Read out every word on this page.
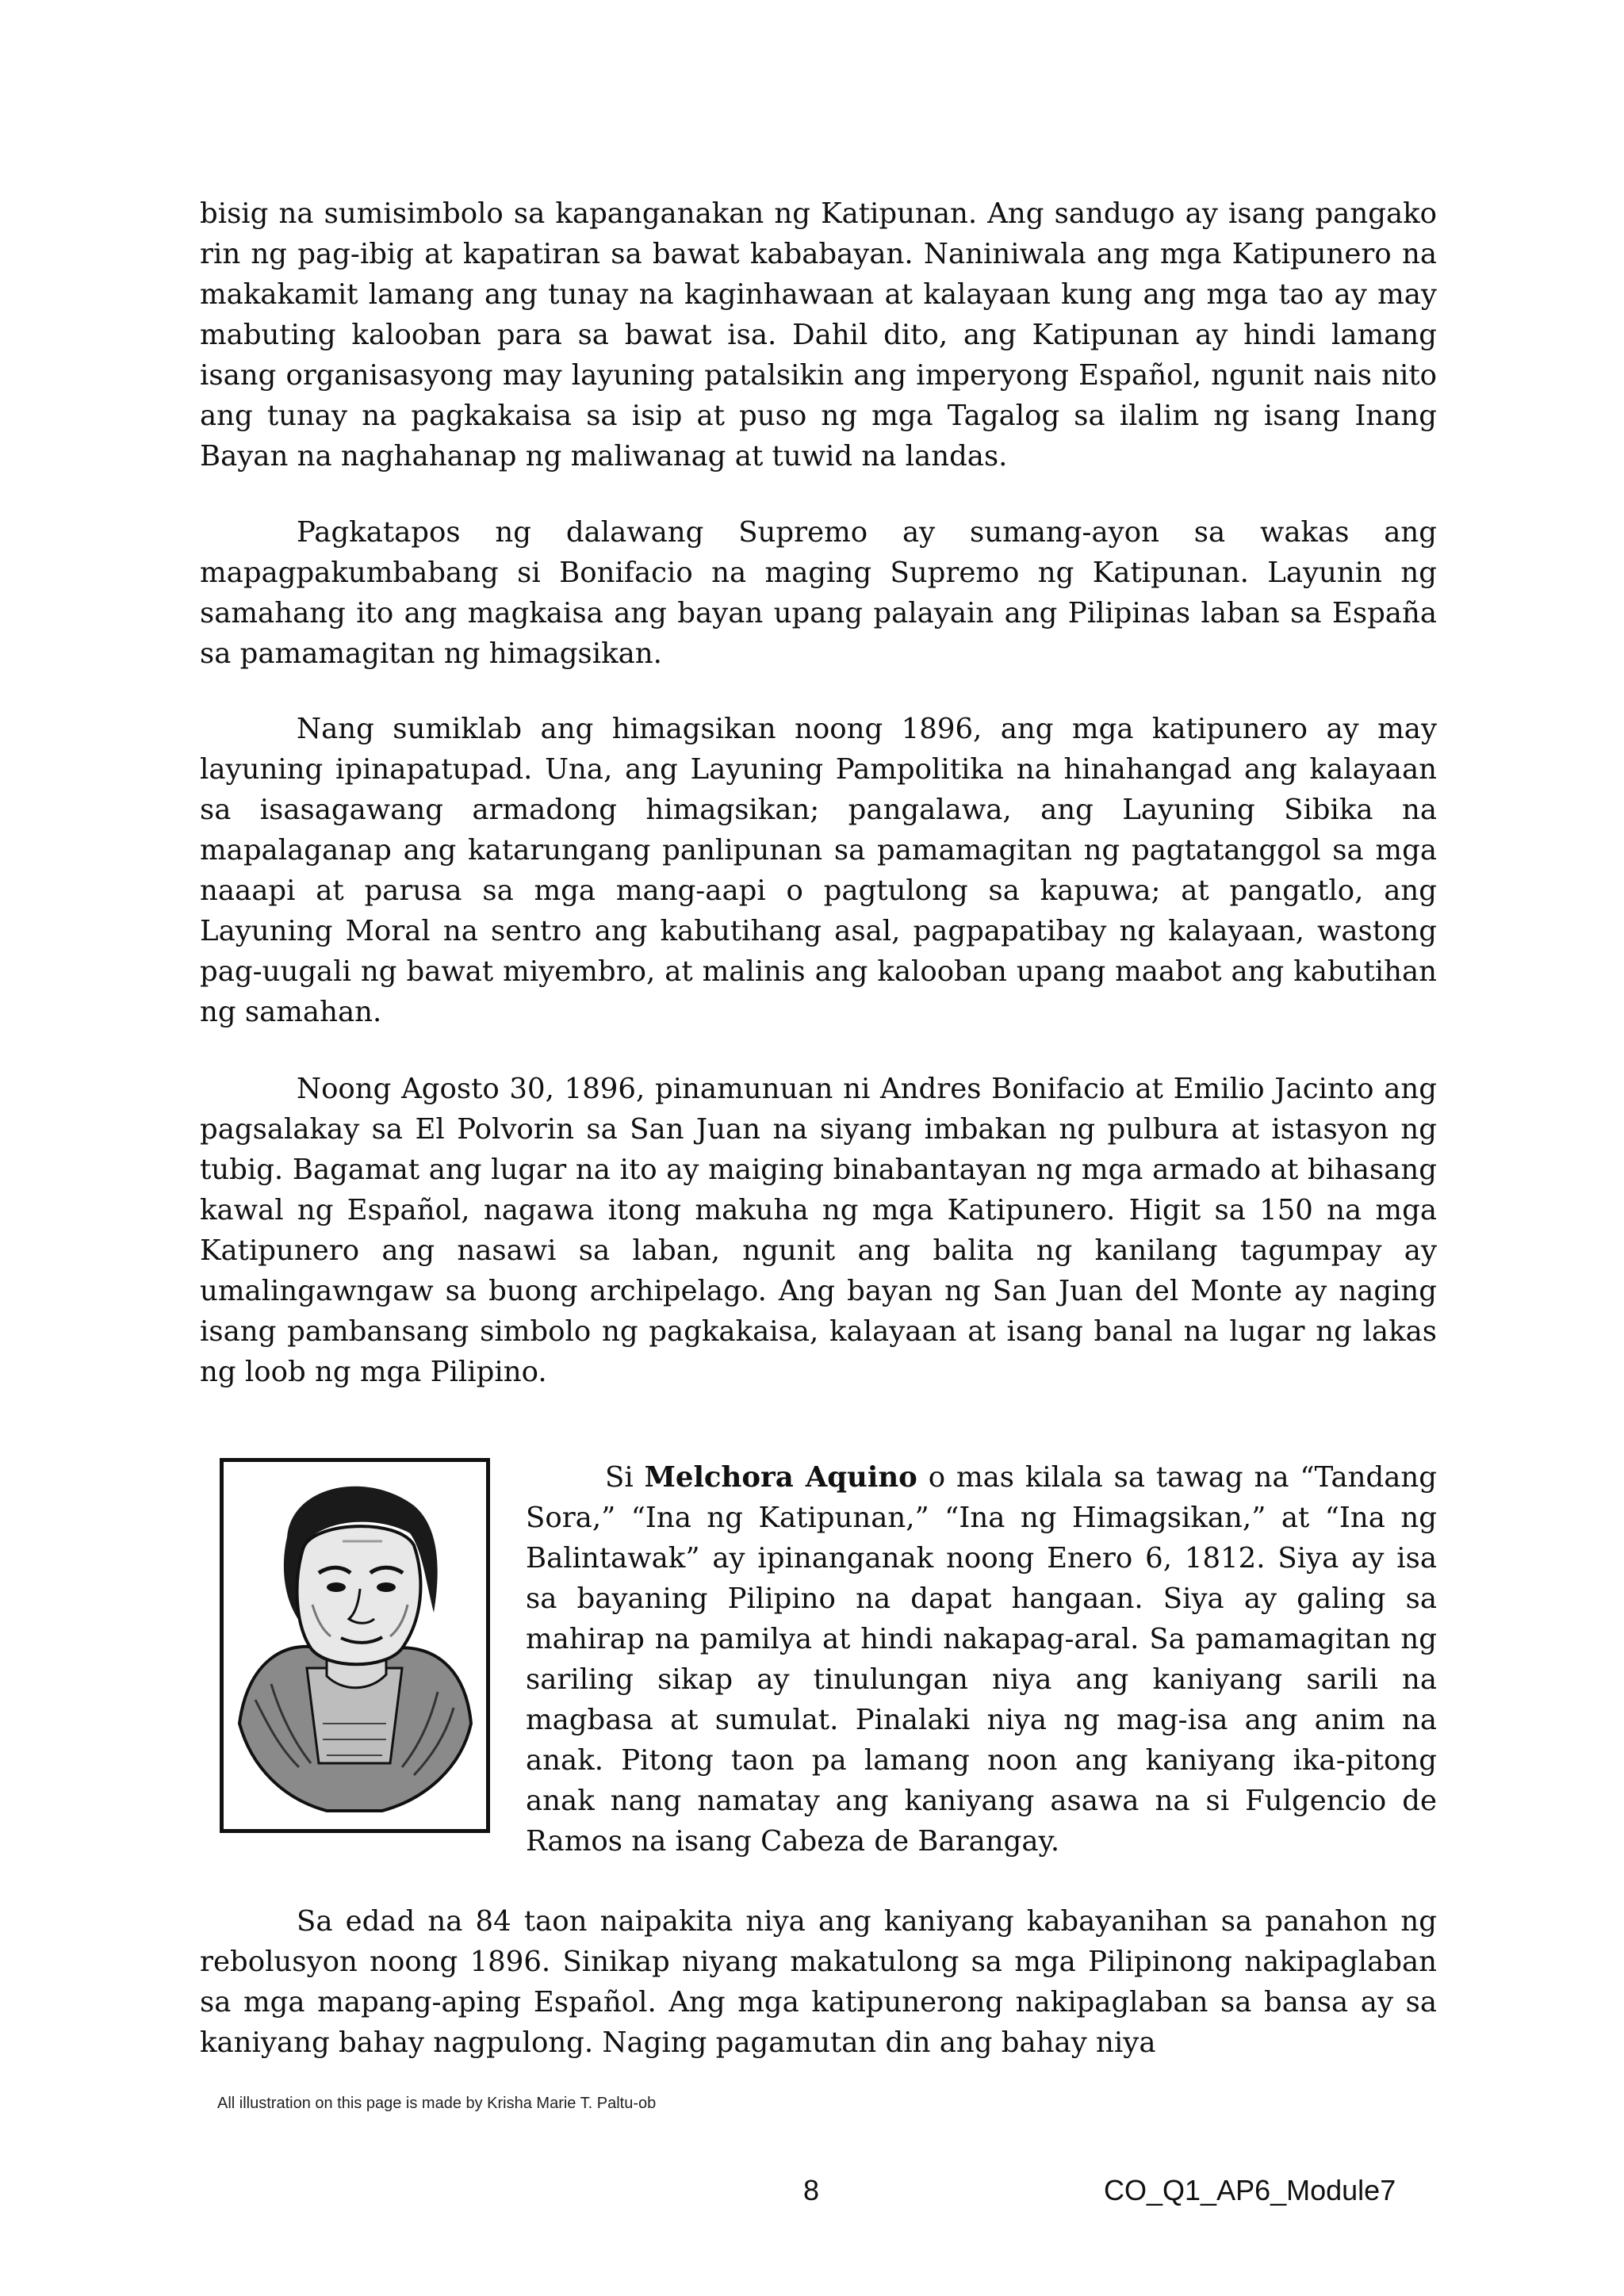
bisig na sumisimbolo sa kapanganakan ng Katipunan. Ang sandugo ay isang pangako rin ng pag-ibig at kapatiran sa bawat kababayan. Naniniwala ang mga Katipunero na makakamit lamang ang tunay na kaginhawaan at kalayaan kung ang mga tao ay may mabuting kalooban para sa bawat isa. Dahil dito, ang Katipunan ay hindi lamang isang organisasyong may layuning patalsikin ang imperyong Español, ngunit nais nito ang tunay na pagkakaisa sa isip at puso ng mga Tagalog sa ilalim ng isang Inang Bayan na naghahanap ng maliwanag at tuwid na landas.

Pagkatapos ng dalawang Supremo ay sumang-ayon sa wakas ang mapagpakumbabang si Bonifacio na maging Supremo ng Katipunan. Layunin ng samahang ito ang magkaisa ang bayan upang palayain ang Pilipinas laban sa España sa pamamagitan ng himagsikan.

Nang sumiklab ang himagsikan noong 1896, ang mga katipunero ay may layuning ipinapatupad. Una, ang Layuning Pampolitika na hinahangad ang kalayaan sa isasagawang armadong himagsikan; pangalawa, ang Layuning Sibika na mapalaganap ang katarungang panlipunan sa pamamagitan ng pagtatanggol sa mga naaapi at parusa sa mga mang-aapi o pagtulong sa kapuwa; at pangatlo, ang Layuning Moral na sentro ang kabutihang asal, pagpapatibay ng kalayaan, wastong pag-uugali ng bawat miyembro, at malinis ang kalooban upang maabot ang kabutihan ng samahan.

Noong Agosto 30, 1896, pinamunuan ni Andres Bonifacio at Emilio Jacinto ang pagsalakay sa El Polvorin sa San Juan na siyang imbakan ng pulbura at istasyon ng tubig. Bagamat ang lugar na ito ay maiging binabantayan ng mga armado at bihasang kawal ng Español, nagawa itong makuha ng mga Katipunero. Higit sa 150 na mga Katipunero ang nasawi sa laban, ngunit ang balita ng kanilang tagumpay ay umalingawngaw sa buong archipelago. Ang bayan ng San Juan del Monte ay naging isang pambansang simbolo ng pagkakaisa, kalayaan at isang banal na lugar ng lakas ng loob ng mga Pilipino.

Si Melchora Aquino o mas kilala sa tawag na “Tandang Sora,” “Ina ng Katipunan,” “Ina ng Himagsikan,” at “Ina ng Balintawak” ay ipinanganak noong Enero 6, 1812. Siya ay isa sa bayaning Pilipino na dapat hangaan. Siya ay galing sa mahirap na pamilya at hindi nakapag-aral. Sa pamamagitan ng sariling sikap ay tinulungan niya ang kaniyang sarili na magbasa at sumulat. Pinalaki niya ng mag-isa ang anim na anak. Pitong taon pa lamang noon ang kaniyang ika-pitong anak nang namatay ang kaniyang asawa na si Fulgencio de Ramos na isang Cabeza de Barangay.

Sa edad na 84 taon naipakita niya ang kaniyang kabayanihan sa panahon ng rebolusyon noong 1896. Sinikap niyang makatulong sa mga Pilipinong nakipaglaban sa mga mapang-aping Español. Ang mga katipunerong nakipaglaban sa bansa ay sa kaniyang bahay nagpulong. Naging pagamutan din ang bahay niya

All illustration on this page is made by Krisha Marie T. Paltu-ob

8	CO_Q1_AP6_Module7
